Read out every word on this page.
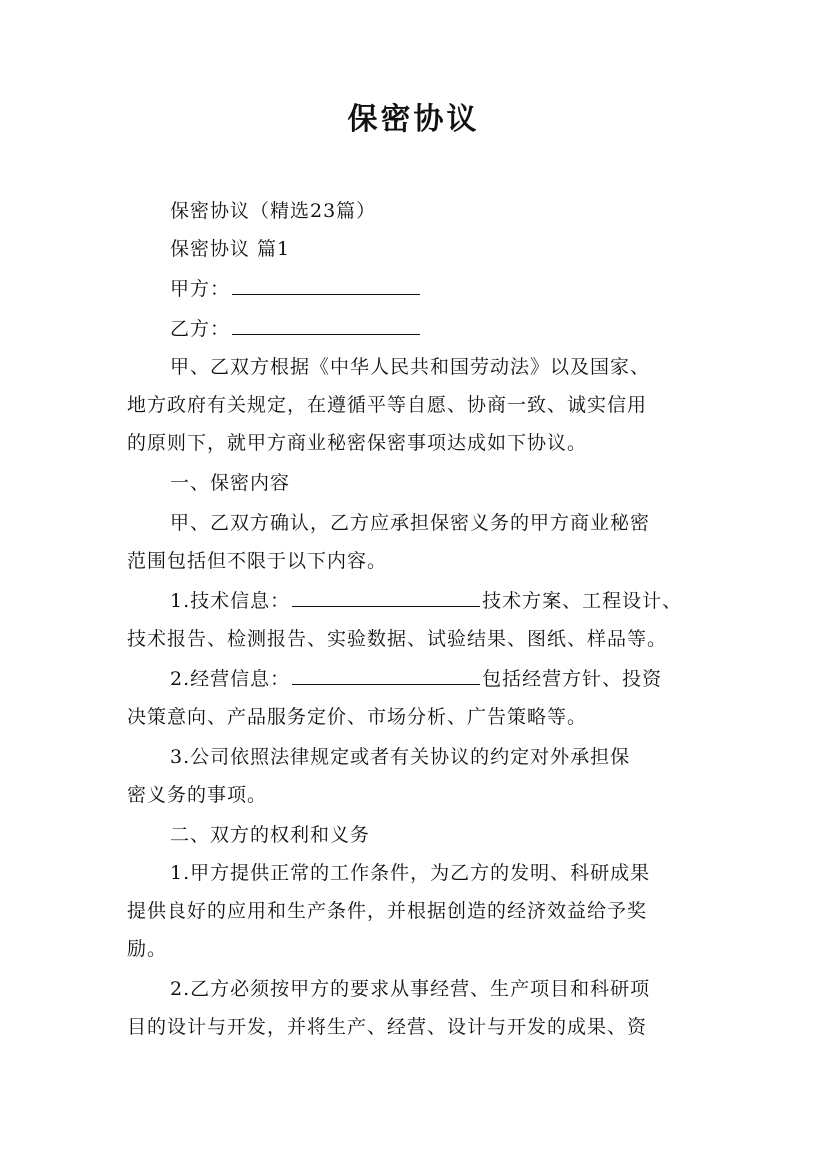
保密协议
保密协议（精选23篇）
保密协议 篇1
甲方：
乙方：
甲、乙双方根据《中华人民共和国劳动法》以及国家、
地方政府有关规定，在遵循平等自愿、协商一致、诚实信用
的原则下，就甲方商业秘密保密事项达成如下协议。
一、保密内容
甲、乙双方确认，乙方应承担保密义务的甲方商业秘密
范围包括但不限于以下内容。
1.技术信息：	技术方案、工程设计、
技术报告、检测报告、实验数据、试验结果、图纸、样品等。
2.经营信息：	包括经营方针、投资
决策意向、产品服务定价、市场分析、广告策略等。
3.公司依照法律规定或者有关协议的约定对外承担保
密义务的事项。
二、双方的权利和义务
1.甲方提供正常的工作条件，为乙方的发明、科研成果
提供良好的应用和生产条件，并根据创造的经济效益给予奖
励。
2.乙方必须按甲方的要求从事经营、生产项目和科研项
目的设计与开发，并将生产、经营、设计与开发的成果、资
